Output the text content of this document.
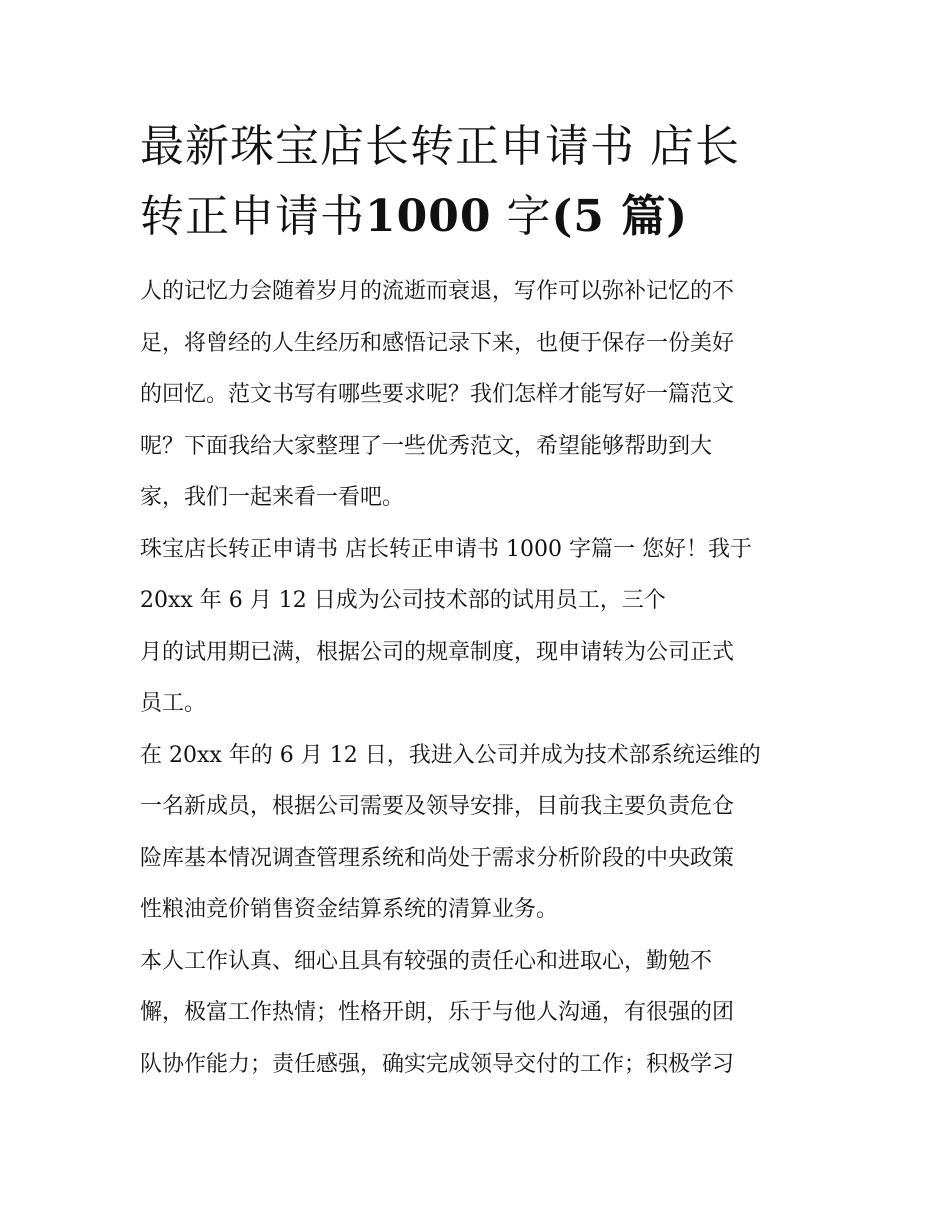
最新珠宝店长转正申请书 店长
转正申请书1000 字(5 篇)

人的记忆力会随着岁月的流逝而衰退，写作可以弥补记忆的不
足，将曾经的人生经历和感悟记录下来，也便于保存一份美好
的回忆。范文书写有哪些要求呢？我们怎样才能写好一篇范文
呢？下面我给大家整理了一些优秀范文，希望能够帮助到大
家，我们一起来看一看吧。

珠宝店长转正申请书 店长转正申请书 1000 字篇一 您好！我于
20xx 年 6 月 12 日成为公司技术部的试用员工，三个
月的试用期已满，根据公司的规章制度，现申请转为公司正式
员工。

在 20xx 年的 6 月 12 日，我进入公司并成为技术部系统运维的
一名新成员，根据公司需要及领导安排，目前我主要负责危仓
险库基本情况调查管理系统和尚处于需求分析阶段的中央政策
性粮油竞价销售资金结算系统的清算业务。

本人工作认真、细心且具有较强的责任心和进取心，勤勉不
懈，极富工作热情；性格开朗，乐于与他人沟通，有很强的团
队协作能力；责任感强，确实完成领导交付的工作；积极学习
